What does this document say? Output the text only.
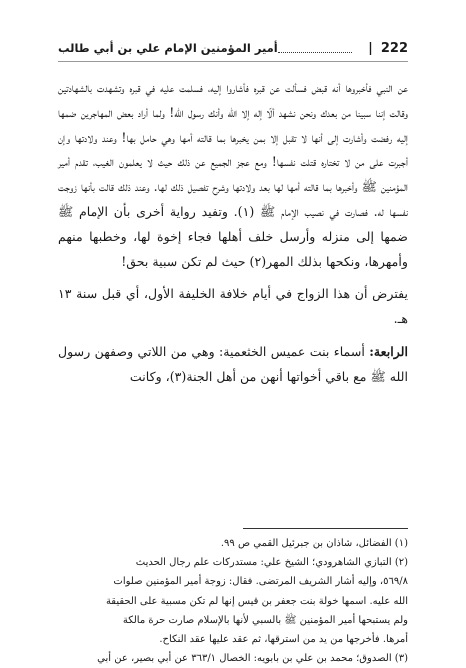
222
|
أمير المؤمنين الإمام علي بن أبي طالب

عن النبي فأخبروها أنه قبض فسألت عن قبره فأشاروا إليه، فسلمت عليه في قبره وتشهدت بالشهادتين وقالت إننا سبينا من بعدك ونحن نشهد ألّا إله إلا الله وأنك رسول الله! ولما أراد بعض المهاجرين ضمها إليه رفضت وأشارت إلى أنها لا تقبل إلا بمن يخبرها بما قالته أمها وهي حامل بها! وعند ولادتها وإن أجبرت على من لا تختاره قتلت نفسها! ومع عجز الجميع عن ذلك حيث لا يعلمون الغيب، تقدم أمير المؤمنين ﷺ وأخبرها بما قالته أمها لها بعد ولادتها وشرح تفصيل ذلك لها. وعند ذلك قالت بأنها زوجت نفسها له. فصارت في نصيب الإمام ﷺ (١). وتفيد رواية أخرى بأن الإمام ﷺ ضمها إلى منزله وأرسل خلف أهلها فجاء إخوة لها، وخطبها منهم وأمهرها، ونكحها بذلك المهر(٢) حيث لم تكن سبية بحق!

يفترض أن هذا الزواج في أيام خلافة الخليفة الأول، أي قبل سنة ١٣ هـ.

الرابعة: أسماء بنت عميس الخثعمية: وهي من اللاتي وصفهن رسول الله ﷺ مع باقي أخواتها أنهن من أهل الجنة(٣)، وكانت

(١) الفضائل، شاذان بن جبرئيل القمي ص ٩٩.

(٢) التبازي الشاهرودي؛ الشيخ علي: مستدركات علم رجال الحديث

٥٦٩/٨، وإليه أشار الشريف المرتضى. فقال: زوجة أمير المؤمنين صلوات

الله عليه. اسمها خولة بنت جعفر بن قيس إنها لم تكن مسبية على الحقيقة

ولم يستبحها أمير المؤمنين ﷺ بالسبي لأنها بالإسلام صارت حرة مالكة

أمرها. فأخرجها من يد من استرقها، ثم عقد عليها عقد النكاح.

(٣) الصدوق؛ محمد بن علي بن بابويه: الخصال ٣٦٣/١ عن أبي بصير، عن أبي
